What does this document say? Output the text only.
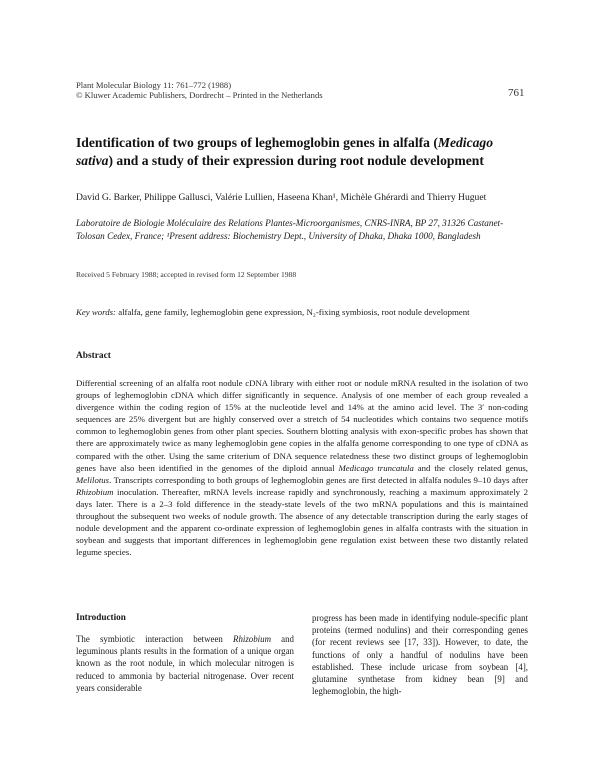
Plant Molecular Biology 11: 761–772 (1988)
© Kluwer Academic Publishers, Dordrecht – Printed in the Netherlands	761
Identification of two groups of leghemoglobin genes in alfalfa (Medicago sativa) and a study of their expression during root nodule development
David G. Barker, Philippe Gallusci, Valérie Lullien, Haseena Khan¹, Michèle Ghérardi and Thierry Huguet
Laboratoire de Biologie Moléculaire des Relations Plantes-Microorganismes, CNRS-INRA, BP 27, 31326 Castanet-Tolosan Cedex, France; ¹Present address: Biochemistry Dept., University of Dhaka, Dhaka 1000, Bangladesh
Received 5 February 1988; accepted in revised form 12 September 1988
Key words: alfalfa, gene family, leghemoglobin gene expression, N₂-fixing symbiosis, root nodule development
Abstract
Differential screening of an alfalfa root nodule cDNA library with either root or nodule mRNA resulted in the isolation of two groups of leghemoglobin cDNA which differ significantly in sequence. Analysis of one member of each group revealed a divergence within the coding region of 15% at the nucleotide level and 14% at the amino acid level. The 3′ non-coding sequences are 25% divergent but are highly conserved over a stretch of 54 nucleotides which contains two sequence motifs common to leghemoglobin genes from other plant species. Southern blotting analysis with exon-specific probes has shown that there are approximately twice as many leghemoglobin gene copies in the alfalfa genome corresponding to one type of cDNA as compared with the other. Using the same criterium of DNA sequence relatedness these two distinct groups of leghemoglobin genes have also been identified in the genomes of the diploid annual Medicago truncatula and the closely related genus, Melilotus. Transcripts corresponding to both groups of leghemoglobin genes are first detected in alfalfa nodules 9–10 days after Rhizobium inoculation. Thereafter, mRNA levels increase rapidly and synchronously, reaching a maximum approximately 2 days later. There is a 2–3 fold difference in the steady-state levels of the two mRNA populations and this is maintained throughout the subsequent two weeks of nodule growth. The absence of any detectable transcription during the early stages of nodule development and the apparent co-ordinate expression of leghemoglobin genes in alfalfa contrasts with the situation in soybean and suggests that important differences in leghemoglobin gene regulation exist between these two distantly related legume species.
Introduction
The symbiotic interaction between Rhizobium and leguminous plants results in the formation of a unique organ known as the root nodule, in which molecular nitrogen is reduced to ammonia by bacterial nitrogenase. Over recent years considerable
progress has been made in identifying nodule-specific plant proteins (termed nodulins) and their corresponding genes (for recent reviews see [17, 33]). However, to date, the functions of only a handful of nodulins have been established. These include uricase from soybean [4], glutamine synthetase from kidney bean [9] and leghemoglobin, the high-
